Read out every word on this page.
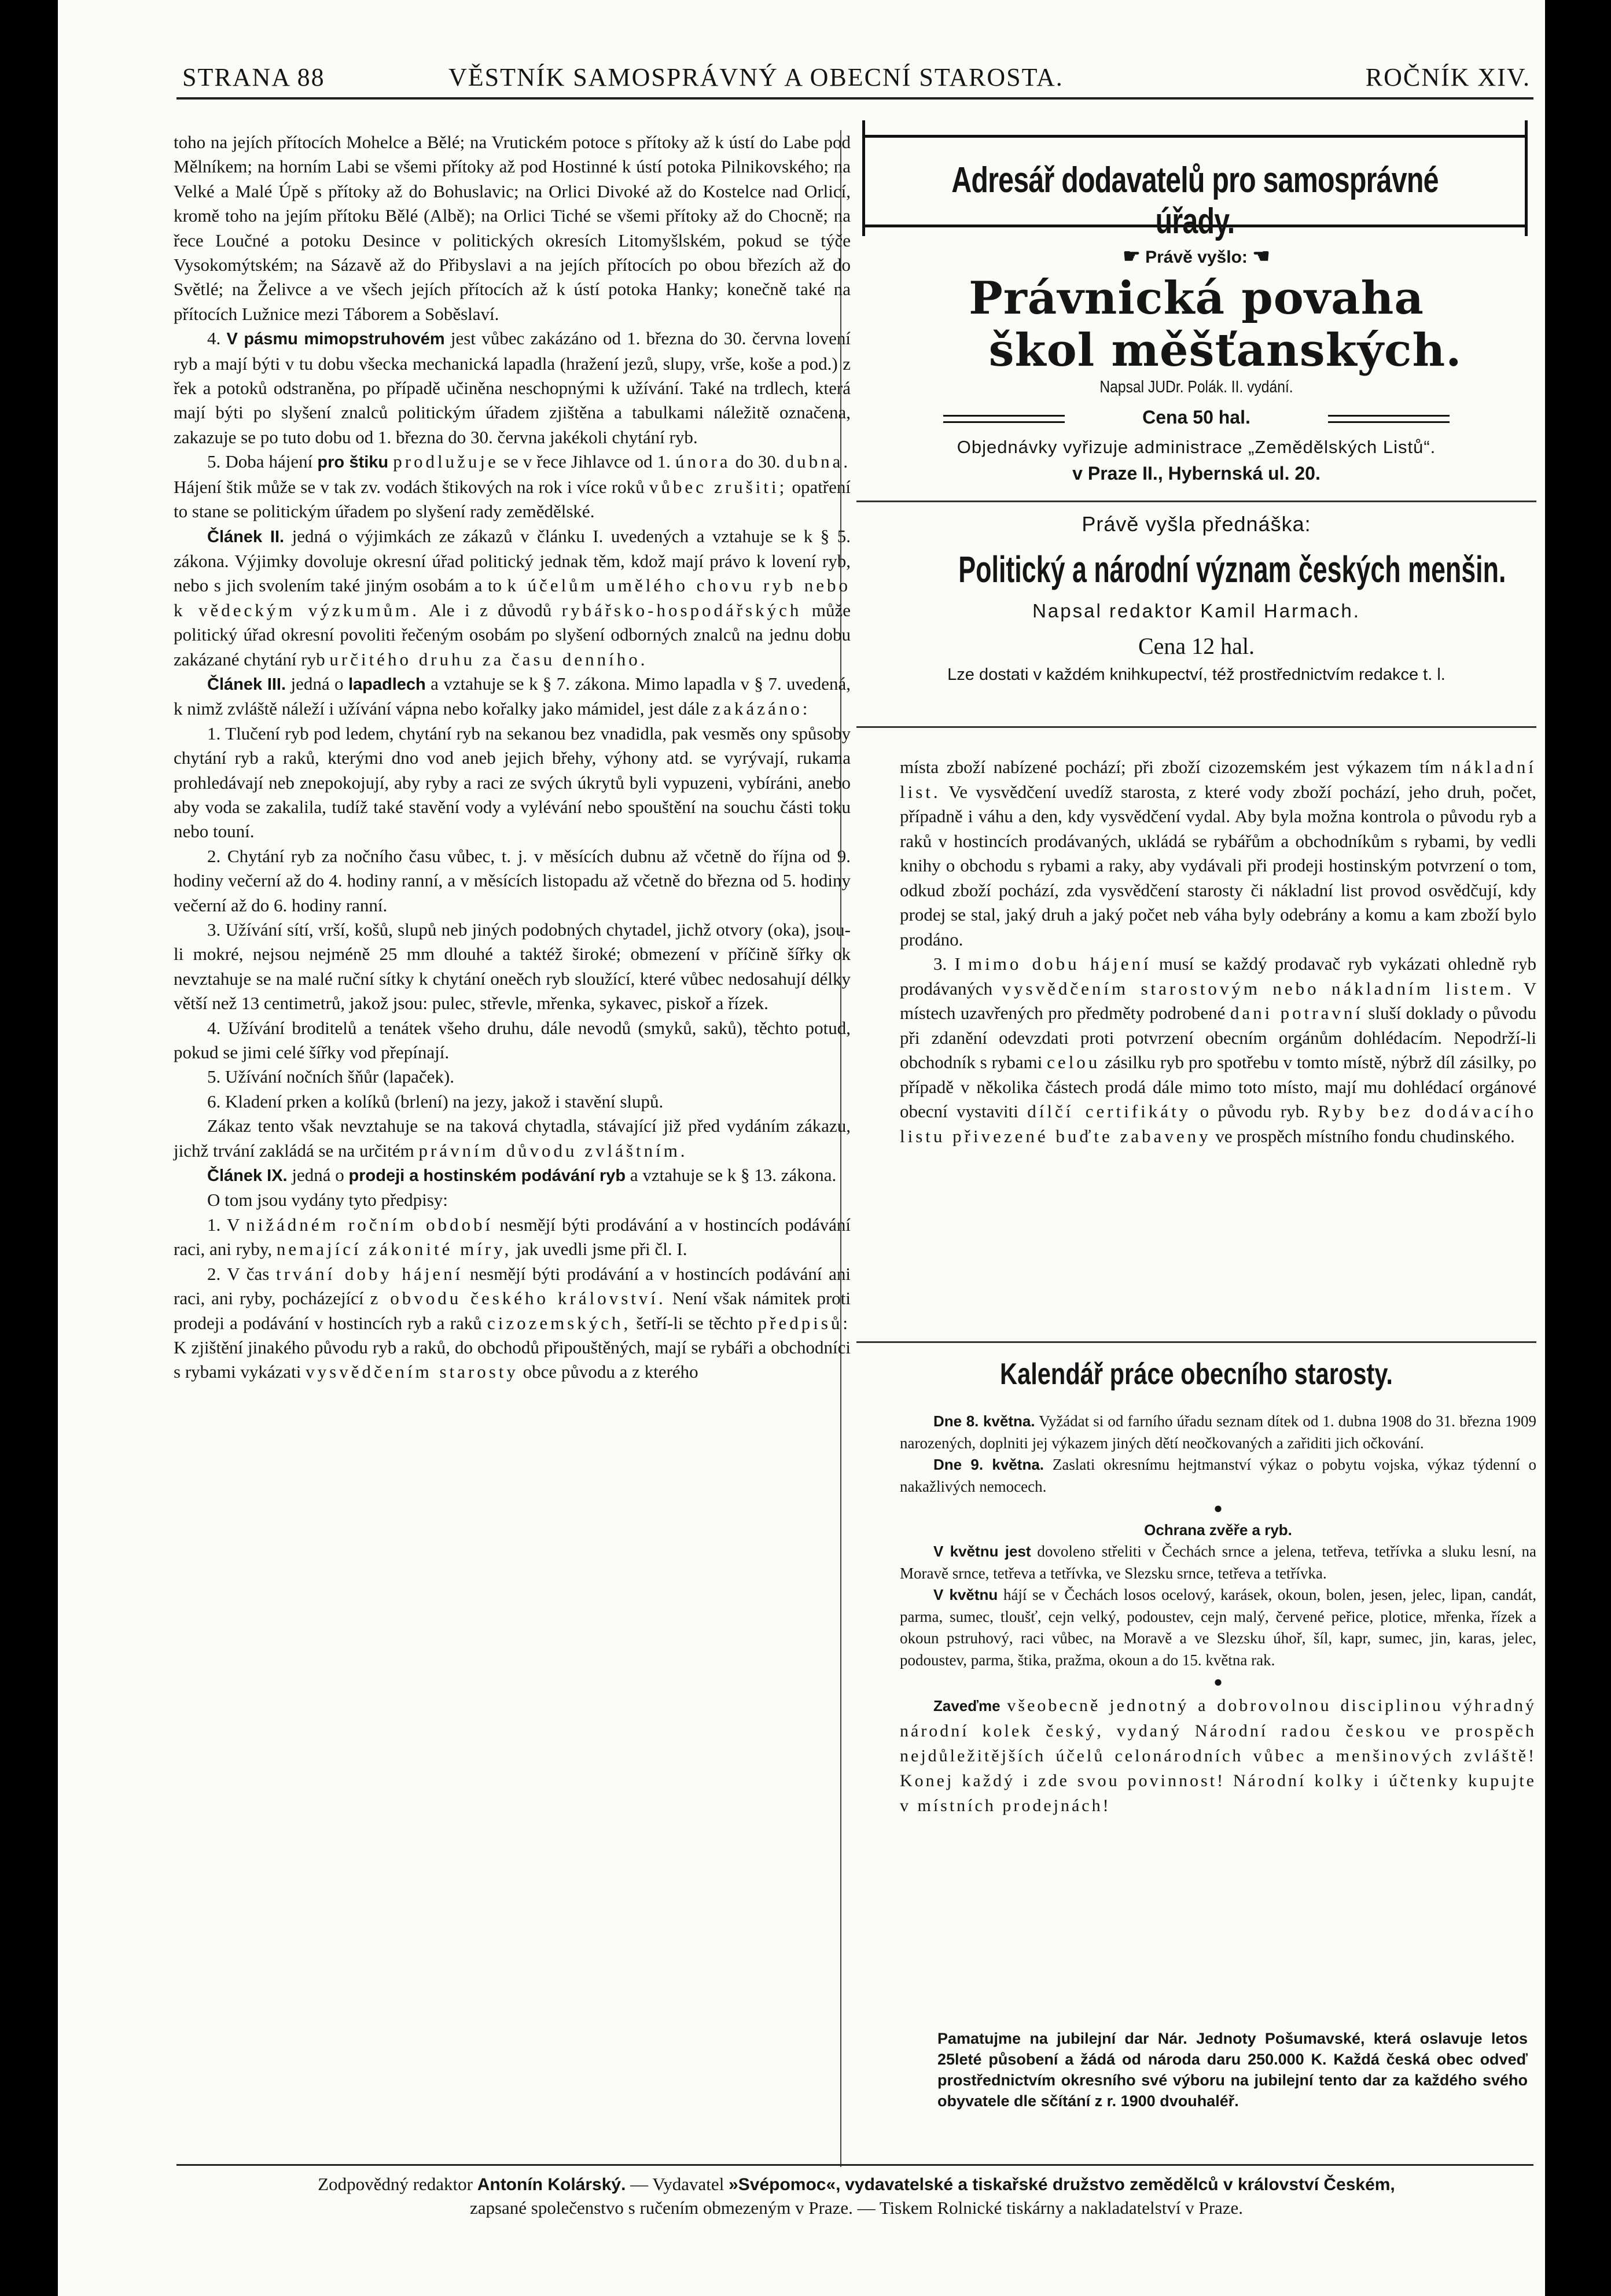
STRANA 88	VĚSTNÍK SAMOSPRÁVNÝ A OBECNÍ STAROSTA.	ROČNÍK XIV.

toho na jejích přítocích Mohelce a Bělé; na Vrutickém potoce s přítoky až k ústí do Labe pod Mělníkem; na horním Labi se všemi přítoky až pod Hostinné k ústí potoka Pilnikovského; na Velké a Malé Úpě s přítoky až do Bohuslavic; na Orlici Divoké až do Kostelce nad Orlicí, kromě toho na jejím přítoku Bělé (Albě); na Orlici Tiché se všemi přítoky až do Chocně; na řece Loučné a potoku Desince v politických okresích Litomyšlském, pokud se týče Vysokomýtském; na Sázavě až do Přibyslavi a na jejích přítocích po obou březích až do Světlé; na Želivce a ve všech jejích přítocích až k ústí potoka Hanky; konečně také na přítocích Lužnice mezi Táborem a Soběslaví.

4. V pásmu mimopstruhovém jest vůbec zakázáno od 1. března do 30. června lovení ryb a mají býti v tu dobu všecka mechanická lapadla (hražení jezů, slupy, vrše, koše a pod.) z řek a potoků odstraněna, po případě učiněna neschopnými k užívání. Také na trdlech, která mají býti po slyšení znalců politickým úřadem zjištěna a tabulkami náležitě označena, zakazuje se po tuto dobu od 1. března do 30. června jakékoli chytání ryb.

5. Doba hájení pro štiku prodlužuje se v řece Jihlavce od 1. února do 30. dubna. Hájení štik může se v tak zv. vodách štikových na rok i více roků vůbec zrušiti; opatření to stane se politickým úřadem po slyšení rady zemědělské.

Článek II. jedná o výjimkách ze zákazů v článku I. uvedených a vztahuje se k § 5. zákona. Výjimky dovoluje okresní úřad politický jednak těm, kdož mají právo k lovení ryb, nebo s jich svolením také jiným osobám a to k účelům umělého chovu ryb nebo k vědeckým výzkumům. Ale i z důvodů rybářsko-hospodářských může politický úřad okresní povoliti řečeným osobám po slyšení odborných znalců na jednu dobu zakázané chytání ryb určitého druhu za času denního.

Článek III. jedná o lapadlech a vztahuje se k § 7. zákona. Mimo lapadla v § 7. uvedená, k nimž zvláště náleží i užívání vápna nebo kořalky jako mámidel, jest dále zakázáno:

1. Tlučení ryb pod ledem, chytání ryb na sekanou bez vnadidla, pak vesměs ony spůsoby chytání ryb a raků, kterými dno vod aneb jejich břehy, výhony atd. se vyrývají, rukama prohledávají neb znepokojují, aby ryby a raci ze svých úkrytů byli vypuzeni, vybíráni, anebo aby voda se zakalila, tudíž také stavění vody a vylévání nebo spouštění na souchu části toku nebo touní.

2. Chytání ryb za nočního času vůbec, t. j. v měsících dubnu až včetně do října od 9. hodiny večerní až do 4. hodiny ranní, a v měsících listopadu až včetně do března od 5. hodiny večerní až do 6. hodiny ranní.

3. Užívání sítí, vrší, košů, slupů neb jiných podobných chytadel, jichž otvory (oka), jsou-li mokré, nejsou nejméně 25 mm dlouhé a taktéž široké; obmezení v příčině šířky ok nevztahuje se na malé ruční sítky k chytání oneěch ryb sloužící, které vůbec nedosahují délky větší než 13 centimetrů, jakož jsou: pulec, střevle, mřenka, sykavec, piskoř a řízek.

4. Užívání broditelů a tenátek všeho druhu, dále nevodů (smyků, saků), těchto potud, pokud se jimi celé šířky vod přepínají.

5. Užívání nočních šňůr (lapaček).

6. Kladení prken a kolíků (brlení) na jezy, jakož i stavění slupů.

Zákaz tento však nevztahuje se na taková chytadla, stávající již před vydáním zákazu, jichž trvání zakládá se na určitém právním důvodu zvláštním.

Článek IX. jedná o prodeji a hostinském podávání ryb a vztahuje se k § 13. zákona.

O tom jsou vydány tyto předpisy:

1. V nižádném ročním období nesmějí býti prodávání a v hostincích podávání raci, ani ryby, nemající zákonité míry, jak uvedli jsme při čl. I.

2. V čas trvání doby hájení nesmějí býti prodávání a v hostincích podávání ani raci, ani ryby, pocházející z obvodu českého království. Není však námitek proti prodeji a podávání v hostincích ryb a raků cizozemských, šetří-li se těchto předpisů: K zjištění jinakého původu ryb a raků, do obchodů připouštěných, mají se rybáři a obchodníci s rybami vykázati vysvědčením starosty obce původu a z kterého

Adresář dodavatelů pro samosprávné úřady.
☛ Právě vyšlo: ☚
Právnická povaha
škol měšťanských.
Napsal JUDr. Polák. II. vydání.
Cena 50 hal.
Objednávky vyřizuje administrace „Zemědělských Listů“.
v Praze II., Hybernská ul. 20.
Právě vyšla přednáška:
Politický a národní význam českých menšin.
Napsal redaktor Kamil Harmach.
Cena 12 hal.
Lze dostati v každém knihkupectví, též prostřednictvím redakce t. l.

místa zboží nabízené pochází; při zboží cizozemském jest výkazem tím nákladní list. Ve vysvědčení uvedíž starosta, z které vody zboží pochází, jeho druh, počet, případně i váhu a den, kdy vysvědčení vydal. Aby byla možna kontrola o původu ryb a raků v hostincích prodávaných, ukládá se rybářům a obchodníkům s rybami, by vedli knihy o obchodu s rybami a raky, aby vydávali při prodeji hostinským potvrzení o tom, odkud zboží pochází, zda vysvědčení starosty či nákladní list provod osvědčují, kdy prodej se stal, jaký druh a jaký počet neb váha byly odebrány a komu a kam zboží bylo prodáno.

3. I mimo dobu hájení musí se každý prodavač ryb vykázati ohledně ryb prodávaných vysvědčením starostovým nebo nákladním listem. V místech uzavřených pro předměty podrobené dani potravní sluší doklady o původu při zdanění odevzdati proti potvrzení obecním orgánům dohlédacím. Nepodrží-li obchodník s rybami celou zásilku ryb pro spotřebu v tomto místě, nýbrž díl zásilky, po případě v několika částech prodá dále mimo toto místo, mají mu dohlédací orgánové obecní vystaviti dílčí certifikáty o původu ryb. Ryby bez dodávacího listu přivezené buďte zabaveny ve prospěch místního fondu chudinského.

Kalendář práce obecního starosty.

Dne 8. května. Vyžádat si od farního úřadu seznam dítek od 1. dubna 1908 do 31. března 1909 narozených, doplniti jej výkazem jiných dětí neočkovaných a zařiditi jich očkování.

Dne 9. května. Zaslati okresnímu hejtmanství výkaz o pobytu vojska, výkaz týdenní o nakažlivých nemocech.

●

Ochrana zvěře a ryb.

V květnu jest dovoleno střeliti v Čechách srnce a jelena, tetřeva, tetřívka a sluku lesní, na Moravě srnce, tetřeva a tetřívka, ve Slezsku srnce, tetřeva a tetřívka.

V květnu hájí se v Čechách losos ocelový, karásek, okoun, bolen, jesen, jelec, lipan, candát, parma, sumec, tloušť, cejn velký, podoustev, cejn malý, červené peřice, plotice, mřenka, řízek a okoun pstruhový, raci vůbec, na Moravě a ve Slezsku úhoř, šíl, kapr, sumec, jin, karas, jelec, podoustev, parma, štika, pražma, okoun a do 15. května rak.

●

Zaveďme všeobecně jednotný a dobrovolnou disciplinou výhradný národní kolek český, vydaný Národní radou českou ve prospěch nejdůležitějších účelů celonárodních vůbec a menšinových zvláště! Konej každý i zde svou povinnost! Národní kolky i účtenky kupujte v místních prodejnách!

Pamatujme na jubilejní dar Nár. Jednoty Pošumavské, která oslavuje letos 25leté působení a žádá od národa daru 250.000 K. Každá česká obec odveď prostřednictvím okresního své výboru na jubilejní tento dar za každého svého obyvatele dle sčítání z r. 1900 dvouhaléř.
Zodpovědný redaktor Antonín Kolárský. — Vydavatel »Svépomoc«, vydavatelské a tiskařské družstvo zemědělců v království Českém,
zapsané společenstvo s ručením obmezeným v Praze. — Tiskem Rolnické tiskárny a nakladatelství v Praze.
